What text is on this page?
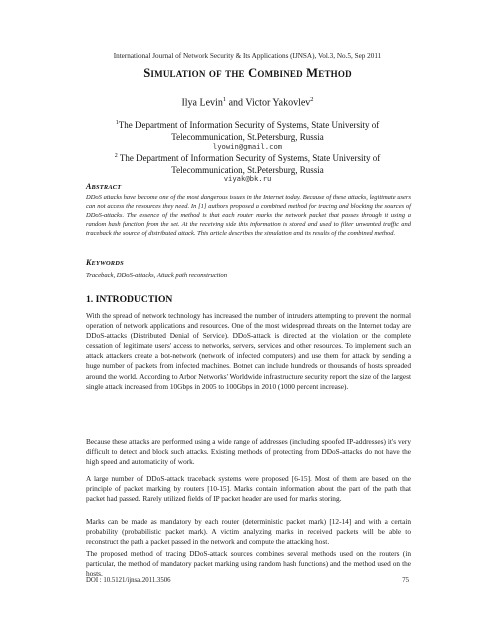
International Journal of Network Security & Its Applications (IJNSA), Vol.3, No.5, Sep 2011
Simulation of the Combined Method
Ilya Levin$^1$ and Victor Yakovlev$^2$
$^1$The Department of Information Security of Systems, State University of
Telecommunication, St.Petersburg, Russia
lyowin@gmail.com
$^2$ The Department of Information Security of Systems, State University of
Telecommunication, St.Petersburg, Russia
viyak@bk.ru
ABSTRACT
DDoS attacks have become one of the most dangerous issues in the Internet today. Because of these attacks, legitimate users can not access the resources they need. In [1] authors proposed a combined method for tracing and blocking the sources of DDoS-attacks. The essence of the method is that each router marks the network packet that passes through it using a random hash function from the set. At the receiving side this information is stored and used to filter unwanted traffic and traceback the source of distributed attack. This article describes the simulation and its results of the combined method.
KEYWORDS
Traceback, DDoS-attacks, Attack path reconstruction
1. INTRODUCTION
With the spread of network technology has increased the number of intruders attempting to prevent the normal operation of network applications and resources. One of the most widespread threats on the Internet today are DDoS-attacks (Distributed Denial of Service). DDoS-attack is directed at the violation or the complete cessation of legitimate users' access to networks, servers, services and other resources. To implement such an attack attackers create a bot-network (network of infected computers) and use them for attack by sending a huge number of packets from infected machines. Botnet can include hundreds or thousands of hosts spreaded around the world. According to Arbor Networks' Worldwide infrastructure security report the size of the largest single attack increased from 10Gbps in 2005 to 100Gbps in 2010 (1000 percent increase).
Because these attacks are performed using a wide range of addresses (including spoofed IP-addresses) it's very difficult to detect and block such attacks. Existing methods of protecting from DDoS-attacks do not have the high speed and automaticity of work.
A large number of DDoS-attack traceback systems were proposed [6-15]. Most of them are based on the principle of packet marking by routers [10-15]. Marks contain information about the part of the path that packet had passed. Rarely utilized fields of IP packet header are used for marks storing.
Marks can be made as mandatory by each router (deterministic packet mark) [12-14] and with a certain probability (probabilistic packet mark). A victim analyzing marks in received packets will be able to reconstruct the path a packet passed in the network and compute the attacking host.
The proposed method of tracing DDoS-attack sources combines several methods used on the routers (in particular, the method of mandatory packet marking using random hash functions) and the method used on the hosts.
DOI : 10.5121/ijnsa.2011.3506	75
